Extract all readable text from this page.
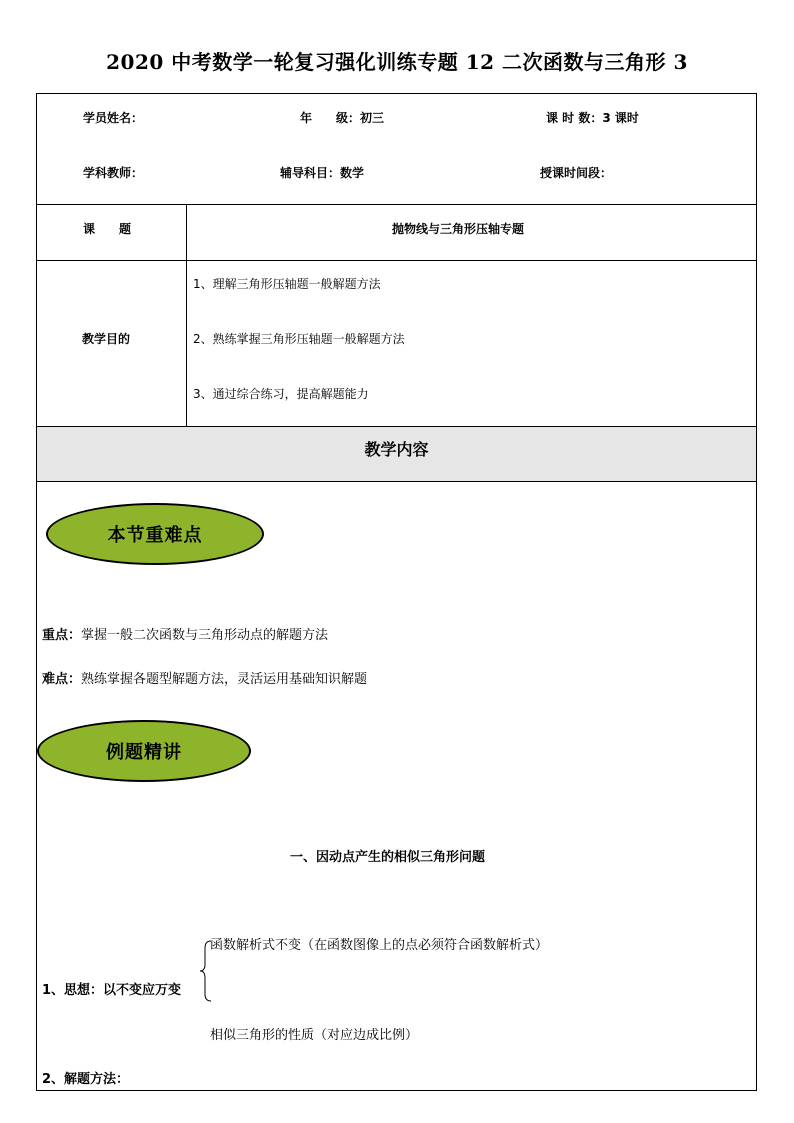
2020 中考数学一轮复习强化训练专题 12 二次函数与三角形 3
学员姓名：	年　　级：初三	课 时 数：3 课时
学科教师：	辅导科目：数学	授课时间段：
课　　题	抛物线与三角形压轴专题
教学目的
1、理解三角形压轴题一般解题方法
2、熟练掌握三角形压轴题一般解题方法
3、通过综合练习，提高解题能力
教学内容
本节重难点
重点：掌握一般二次函数与三角形动点的解题方法
难点：熟练掌握各题型解题方法，灵活运用基础知识解题
例题精讲
一、因动点产生的相似三角形问题
函数解析式不变（在函数图像上的点必须符合函数解析式）
1、思想：以不变应万变
相似三角形的性质（对应边成比例）
2、解题方法：
